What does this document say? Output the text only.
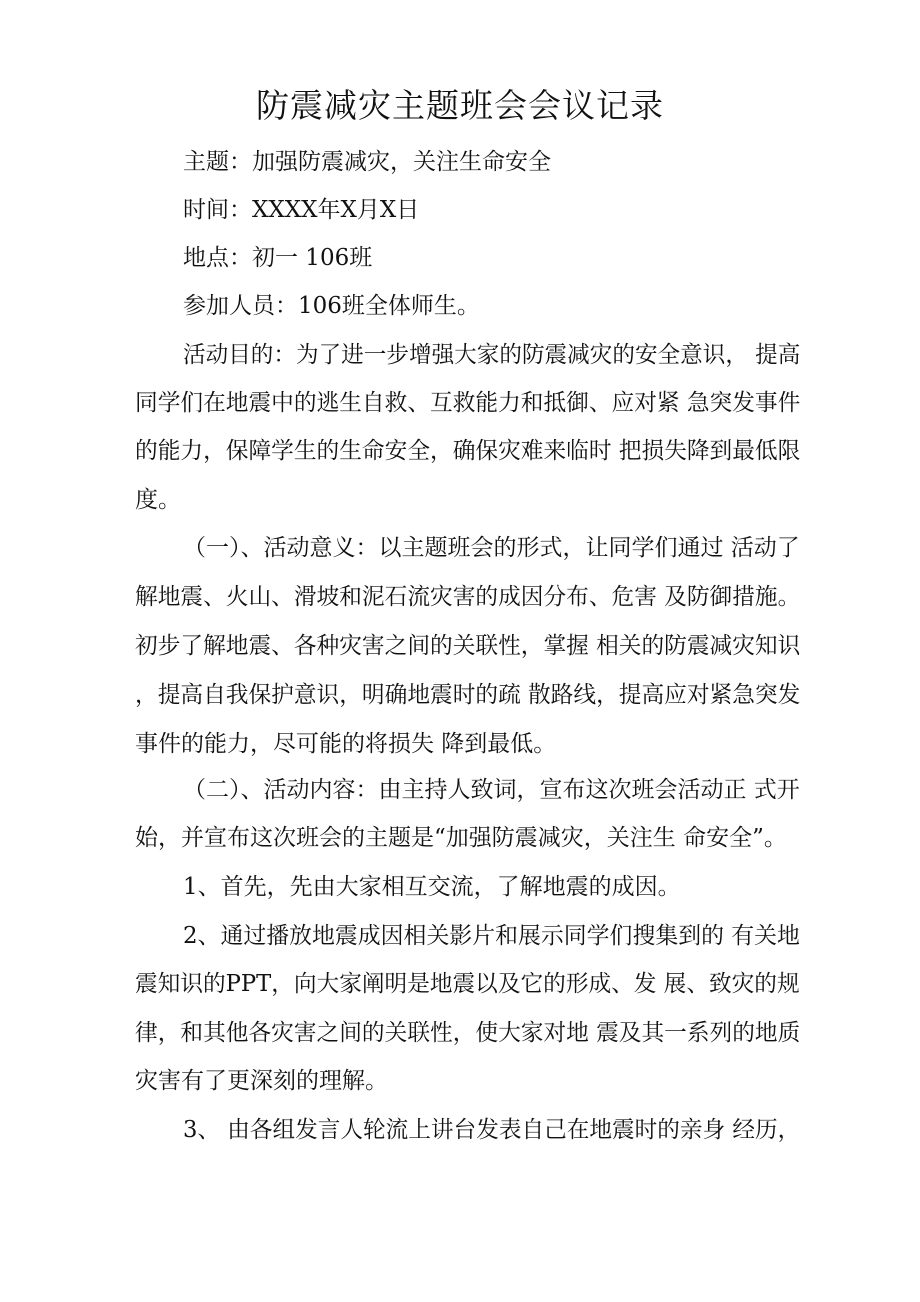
防震减灾主题班会会议记录
主题：加强防震减灾，关注生命安全
时间：XXXX年X月X日
地点：初一 106班
参加人员：106班全体师生。
活动目的：为了进一步增强大家的防震减灾的安全意识， 提高
同学们在地震中的逃生自救、互救能力和抵御、应对紧 急突发事件
的能力，保障学生的生命安全，确保灾难来临时 把损失降到最低限
度。
（一）、活动意义：以主题班会的形式，让同学们通过 活动了
解地震、火山、滑坡和泥石流灾害的成因分布、危害 及防御措施。
初步了解地震、各种灾害之间的关联性，掌握 相关的防震减灾知识
，提高自我保护意识，明确地震时的疏 散路线，提高应对紧急突发
事件的能力，尽可能的将损失 降到最低。
（二）、活动内容：由主持人致词，宣布这次班会活动正 式开
始，并宣布这次班会的主题是“加强防震减灾，关注生 命安全”。
1、首先，先由大家相互交流，了解地震的成因。
2、通过播放地震成因相关影片和展示同学们搜集到的 有关地
震知识的PPT，向大家阐明是地震以及它的形成、发 展、致灾的规
律，和其他各灾害之间的关联性，使大家对地 震及其一系列的地质
灾害有了更深刻的理解。
3、 由各组发言人轮流上讲台发表自己在地震时的亲身 经历，
